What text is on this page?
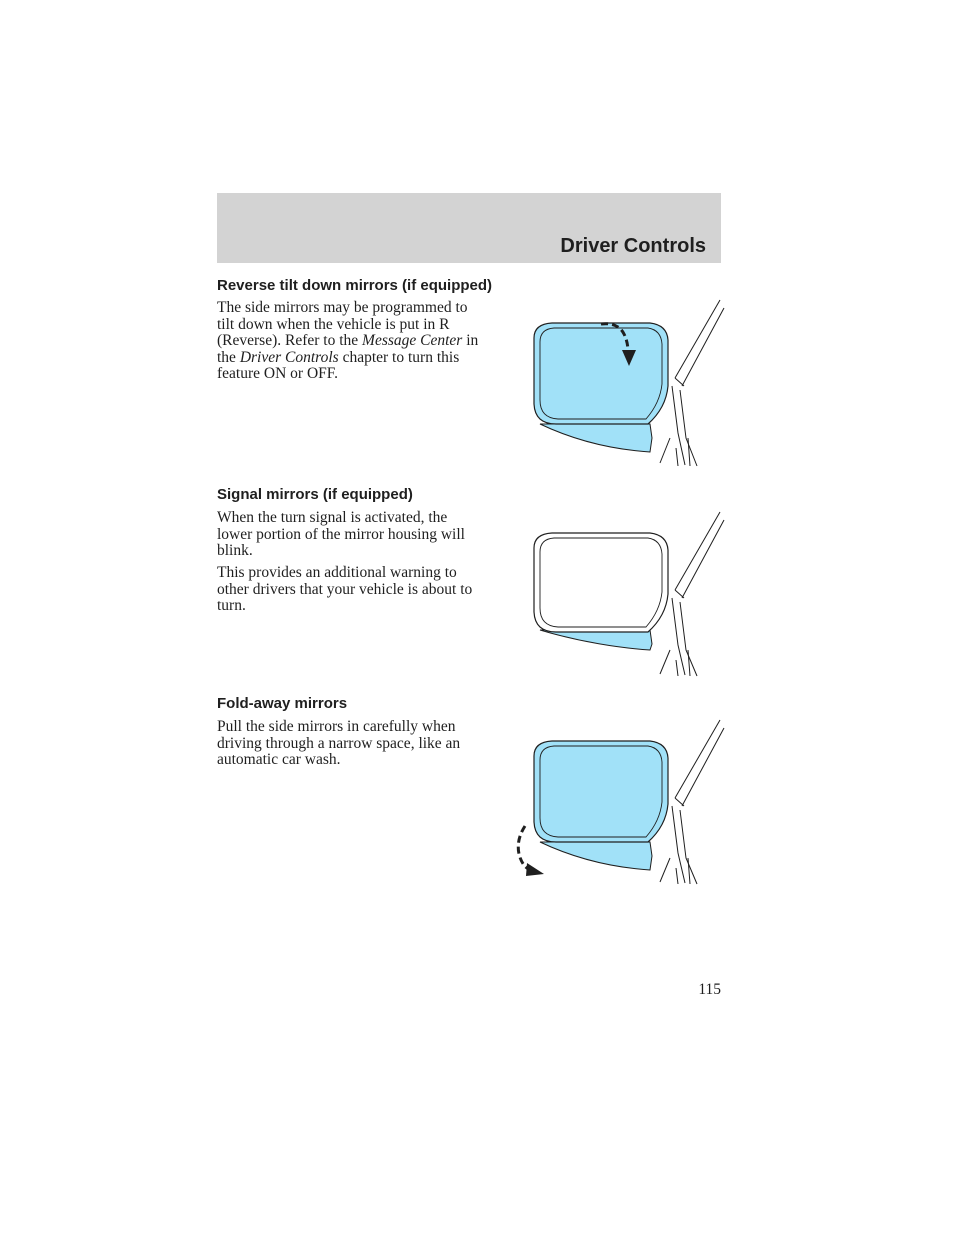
Driver Controls
Reverse tilt down mirrors (if equipped)

The side mirrors may be programmed to tilt down when the vehicle is put in R (Reverse). Refer to the Message Center in the Driver Controls chapter to turn this feature ON or OFF.

Signal mirrors (if equipped)

When the turn signal is activated, the lower portion of the mirror housing will blink.

This provides an additional warning to other drivers that your vehicle is about to turn.

Fold-away mirrors

Pull the side mirrors in carefully when driving through a narrow space, like an automatic car wash.

115
